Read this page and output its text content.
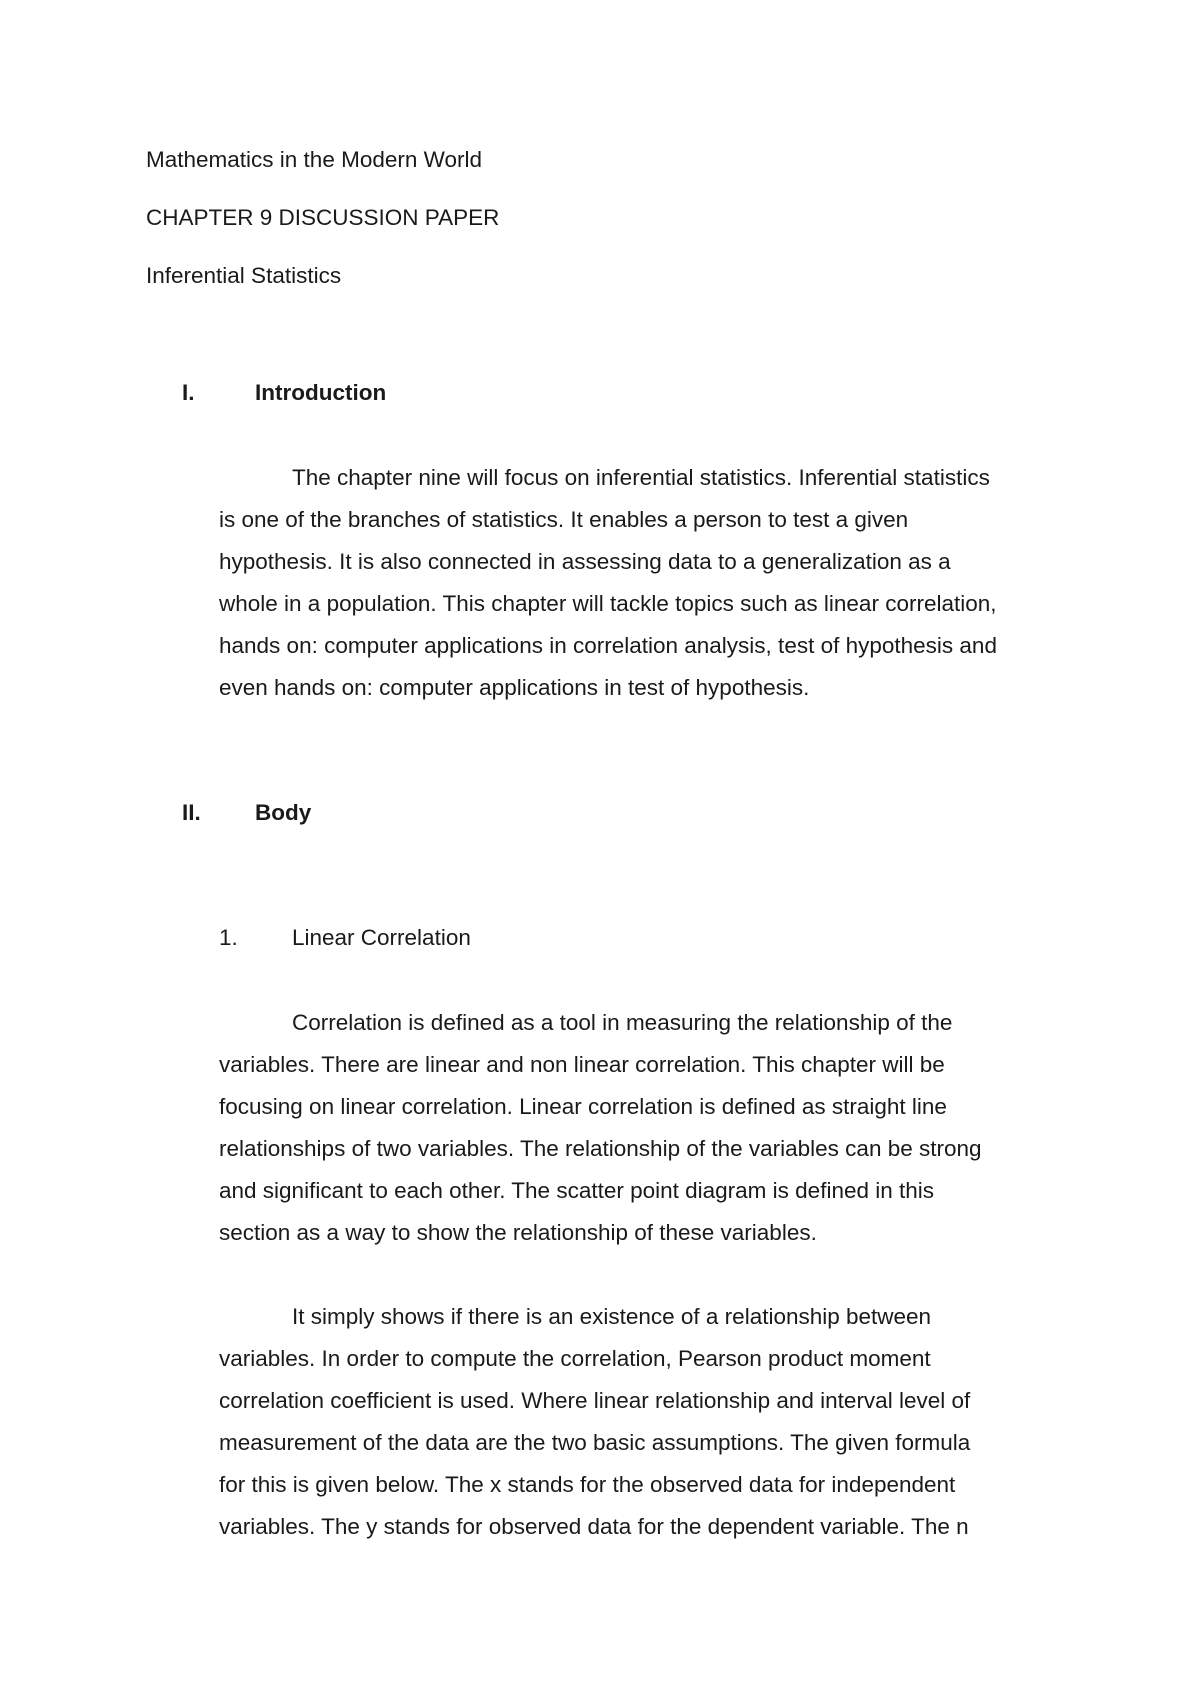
Mathematics in the Modern World
CHAPTER 9 DISCUSSION PAPER
Inferential Statistics
I.	Introduction
The chapter nine will focus on inferential statistics. Inferential statistics
is one of the branches of statistics. It enables a person to test a given
hypothesis. It is also connected in assessing data to a generalization as a
whole in a population. This chapter will tackle topics such as linear correlation,
hands on: computer applications in correlation analysis, test of hypothesis and
even hands on: computer applications in test of hypothesis.
II. Body
1. Linear Correlation
Correlation is defined as a tool in measuring the relationship of the
variables. There are linear and non linear correlation. This chapter will be
focusing on linear correlation. Linear correlation is defined as straight line
relationships of two variables. The relationship of the variables can be strong
and significant to each other. The scatter point diagram is defined in this
section as a way to show the relationship of these variables.
It simply shows if there is an existence of a relationship between
variables. In order to compute the correlation, Pearson product moment
correlation coefficient is used. Where linear relationship and interval level of
measurement of the data are the two basic assumptions. The given formula
for this is given below. The x stands for the observed data for independent
variables. The y stands for observed data for the dependent variable. The n
